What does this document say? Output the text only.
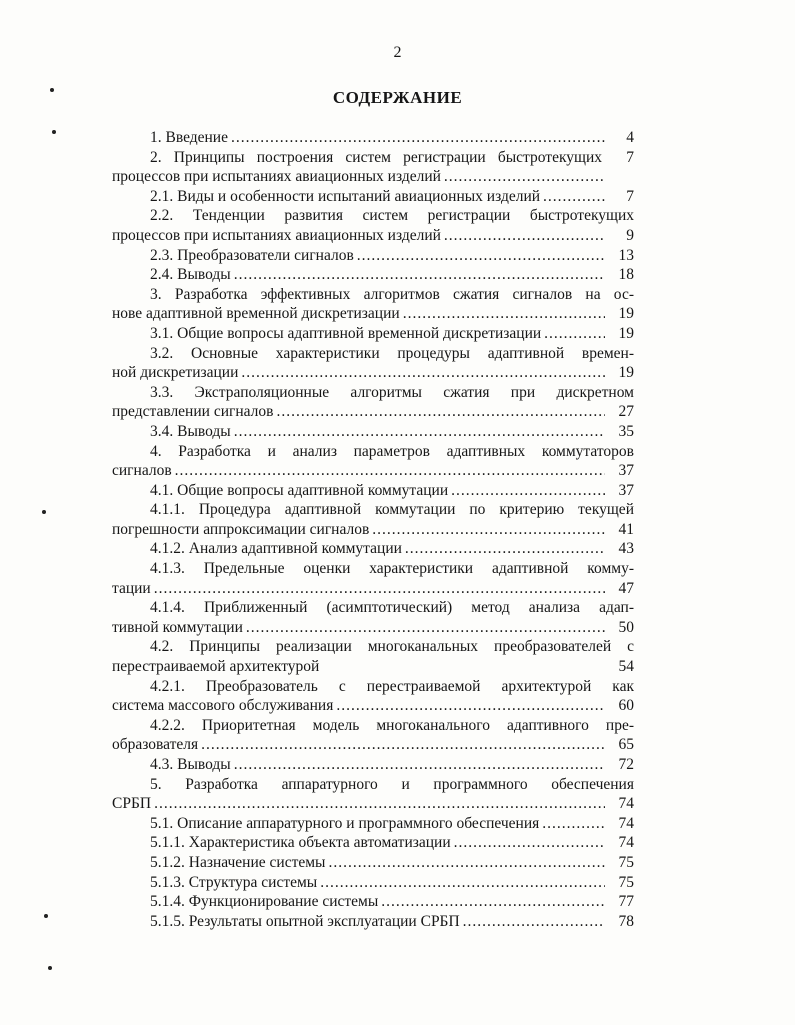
2
СОДЕРЖАНИЕ
1. Введение .....	4
2. Принципы построения систем регистрации быстротекущих	7
процессов при испытаниях авиационных изделий
.....
2.1. Виды и особенности испытаний авиационных изделий .....	7
2.2. Тенденции развития систем регистрации быстротекущих
процессов при испытаниях авиационных изделий .....	9
2.3. Преобразователи сигналов .....	13
2.4. Выводы .....	18
3. Разработка эффективных алгоритмов сжатия сигналов на ос-
нове адаптивной временной дискретизации .....	19
3.1. Общие вопросы адаптивной временной дискретизации .....	19
3.2. Основные характеристики процедуры адаптивной времен-
ной дискретизации .....	19
3.3. Экстраполяционные алгоритмы сжатия при дискретном
представлении сигналов .....	27
3.4. Выводы .....	35
4. Разработка и анализ параметров адаптивных коммутаторов
сигналов .....	37
4.1. Общие вопросы адаптивной коммутации .....	37
4.1.1. Процедура адаптивной коммутации по критерию текущей
погрешности аппроксимации сигналов .....	41
4.1.2. Анализ адаптивной коммутации .....	43
4.1.3. Предельные оценки характеристики адаптивной комму-
тации .....	47
4.1.4. Приближенный (асимптотический) метод анализа адап-
тивной коммутации .....	50
4.2. Принципы реализации многоканальных преобразователей с
перестраиваемой архитектурой	54
4.2.1. Преобразователь с перестраиваемой архитектурой как
система массового обслуживания .....	60
4.2.2. Приоритетная модель многоканального адаптивного пре-
образователя .....	65
4.3. Выводы .....	72
5. Разработка аппаратурного и программного обеспечения
СРБП .....	74
5.1. Описание аппаратурного и программного обеспечения .....	74
5.1.1. Характеристика объекта автоматизации .....	74
5.1.2. Назначение системы .....	75
5.1.3. Структура системы .....	75
5.1.4. Функционирование системы .....	77
5.1.5. Результаты опытной эксплуатации СРБП .....	78
